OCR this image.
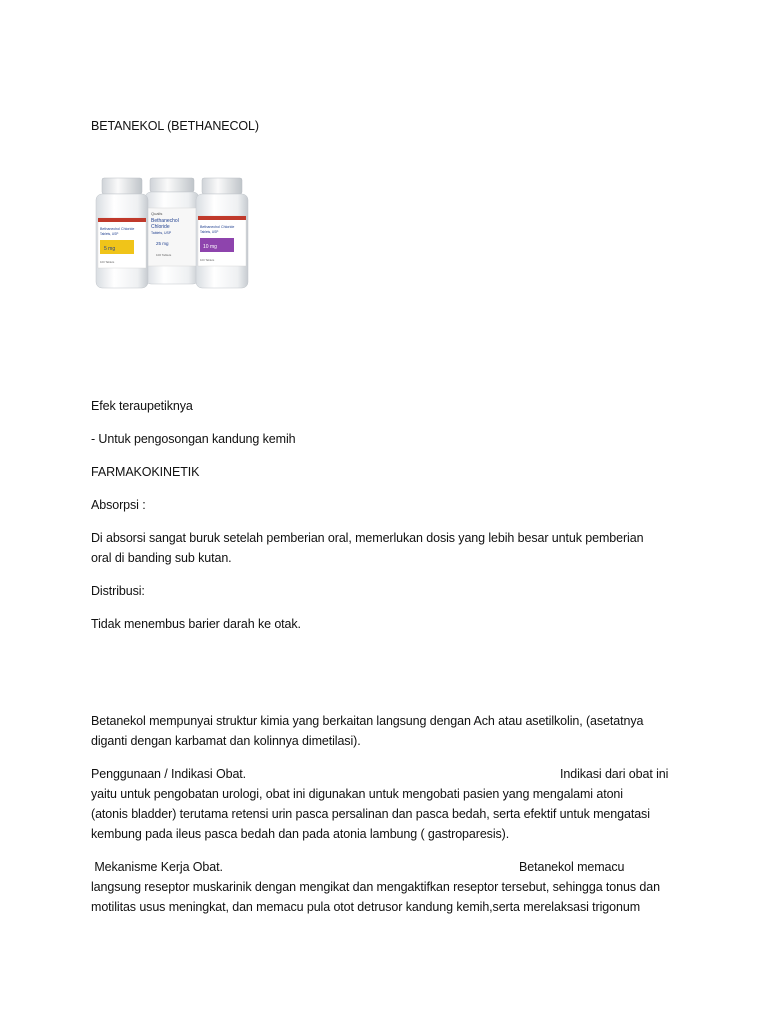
BETANEKOL (BETHANECOL)
Qualis
Bethanechol
Chloride
Tablets, USP
25 mg
100 Tablets
Bethanechol Chloride
Tablets, USP
5 mg
100 Tablets
Bethanechol Chloride
Tablets, USP
10 mg
100 Tablets
Efek teraupetiknya
- Untuk pengosongan kandung kemih
FARMAKOKINETIK
Absorpsi :
Di absorsi sangat buruk setelah pemberian oral, memerlukan dosis yang lebih besar untuk pemberian
oral di banding sub kutan.
Distribusi:
Tidak menembus barier darah ke otak.
Betanekol mempunyai struktur kimia yang berkaitan langsung dengan Ach atau asetilkolin, (asetatnya
diganti dengan karbamat dan kolinnya dimetilasi).
Penggunaan / Indikasi Obat.	Indikasi dari obat ini
yaitu untuk pengobatan urologi, obat ini digunakan untuk mengobati pasien yang mengalami atoni
(atonis bladder) terutama retensi urin pasca persalinan dan pasca bedah, serta efektif untuk mengatasi
kembung pada ileus pasca bedah dan pada atonia lambung ( gastroparesis).
Mekanisme Kerja Obat.	Betanekol memacu
langsung reseptor muskarinik dengan mengikat dan mengaktifkan reseptor tersebut, sehingga tonus dan
motilitas usus meningkat, dan memacu pula otot detrusor kandung kemih,serta merelaksasi trigonum
